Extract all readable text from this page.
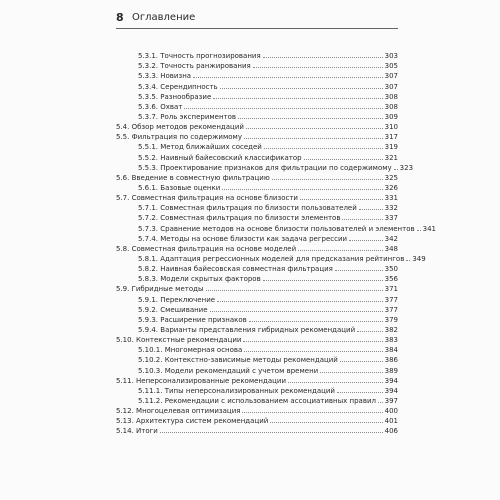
8 Оглавление
5.3.1. Точность прогнозирования	303
5.3.2. Точность ранжирования	305
5.3.3. Новизна	307
5.3.4. Серендипность	307
5.3.5. Разнообразие	308
5.3.6. Охват	308
5.3.7. Роль экспериментов	309
5.4. Обзор методов рекомендаций	310
5.5. Фильтрация по содержимому	317
5.5.1. Метод ближайших соседей	319
5.5.2. Наивный байесовский классификатор	321
5.5.3. Проектирование признаков для фильтрации по содержимому 323
5.6. Введение в совместную фильтрацию	325
5.6.1. Базовые оценки	326
5.7. Совместная фильтрация на основе близости	331
5.7.1. Совместная фильтрация по близости пользователей	332
5.7.2. Совместная фильтрация по близости элементов	337
5.7.3. Сравнение методов на основе близости пользователей и элементов 341
5.7.4. Методы на основе близости как задача регрессии	342
5.8. Совместная фильтрация на основе моделей	348
5.8.1. Адаптация регрессионных моделей для предсказания рейтингов 349
5.8.2. Наивная байесовская совместная фильтрация	350
5.8.3. Модели скрытых факторов	356
5.9. Гибридные методы	371
5.9.1. Переключение	377
5.9.2. Смешивание	377
5.9.3. Расширение признаков	379
5.9.4. Варианты представления гибридных рекомендаций	382
5.10. Контекстные рекомендации	383
5.10.1. Многомерная основа	384
5.10.2. Контекстно-зависимые методы рекомендаций	386
5.10.3. Модели рекомендаций с учетом времени	389
5.11. Неперсонализированные рекомендации	394
5.11.1. Типы неперсонализированных рекомендаций	394
5.11.2. Рекомендации с использованием ассоциативных правил 397
5.12. Многоцелевая оптимизация	400
5.13. Архитектура систем рекомендаций	401
5.14. Итоги	406
